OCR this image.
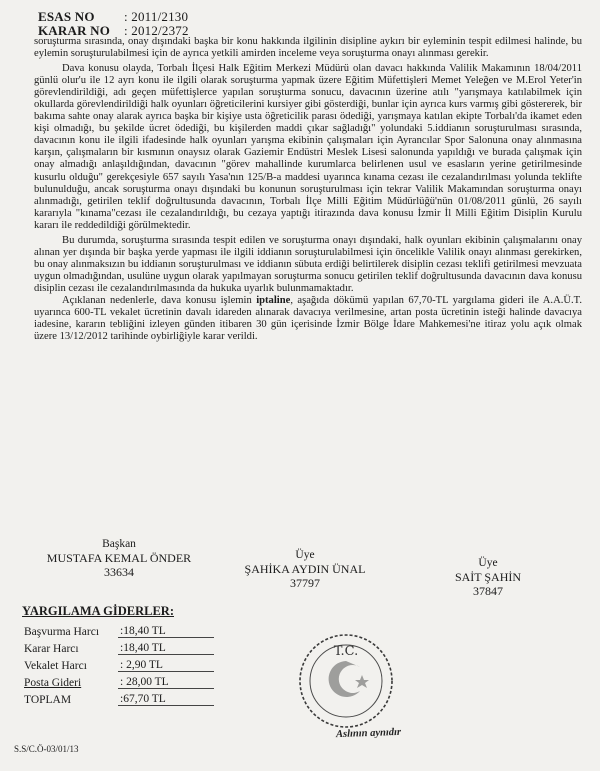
ESAS NO : 2011/2130
KARAR NO : 2012/2372

soruşturma sırasında, onay dışındaki başka bir konu hakkında ilgilinin disipline aykırı bir eyleminin tespit edilmesi halinde, bu eylemin soruşturulabilmesi için de ayrıca yetkili amirden inceleme veya soruşturma onayı alınması gerekir.

Dava konusu olayda, Torbalı İlçesi Halk Eğitim Merkezi Müdürü olan davacı hakkında Valilik Makamının 18/04/2011 günlü olur'u ile 12 ayrı konu ile ilgili olarak soruşturma yapmak üzere Eğitim Müfettişleri Memet Yeleğen ve M.Erol Yeter'in görevlendirildiği, adı geçen müfettişlerce yapılan soruşturma sonucu, davacının üzerine atılı "yarışmaya katılabilmek için okullarda görevlendirildiği halk oyunları öğreticilerini kursiyer gibi gösterdiği, bunlar için ayrıca kurs varmış gibi göstererek, bir bakıma sahte onay alarak ayrıca başka bir kişiye usta öğreticilik parası ödediği, yarışmaya katılan ekipte Torbalı'da ikamet eden kişi olmadığı, bu şekilde ücret ödediği, bu kişilerden maddi çıkar sağladığı" yolundaki 5.iddianın soruşturulması sırasında, davacının konu ile ilgili ifadesinde halk oyunları yarışma ekibinin çalışmaları için Ayrancılar Spor Salonuna onay alınmasına karşın, çalışmaların bir kısmının onaysız olarak Gaziemir Endüstri Meslek Lisesi salonunda yapıldığı ve burada çalışmak için onay almadığı anlaşıldığından, davacının "görev mahallinde kurumlarca belirlenen usul ve esasların yerine getirilmesinde kusurlu olduğu" gerekçesiyle 657 sayılı Yasa'nın 125/B-a maddesi uyarınca kınama cezası ile cezalandırılması yolunda teklifte bulunulduğu, ancak soruşturma onayı dışındaki bu konunun soruşturulması için tekrar Valilik Makamından soruşturma onayı alınmadığı, getirilen teklif doğrultusunda davacının, Torbalı İlçe Milli Eğitim Müdürlüğü'nün 01/08/2011 günlü, 26 sayılı kararıyla "kınama"cezası ile cezalandırıldığı, bu cezaya yaptığı itirazında dava konusu İzmir İl Milli Eğitim Disiplin Kurulu kararı ile reddedildiği görülmektedir.

Bu durumda, soruşturma sırasında tespit edilen ve soruşturma onayı dışındaki, halk oyunları ekibinin çalışmalarını onay alınan yer dışında bir başka yerde yapması ile ilgili iddianın soruşturulabilmesi için öncelikle Valilik onayı alınması gerekirken, bu onay alınmaksızın bu iddianın soruşturulması ve iddianın sübuta erdiği belirtilerek disiplin cezası teklifi getirilmesi mevzuata uygun olmadığından, usulüne uygun olarak yapılmayan soruşturma sonucu getirilen teklif doğrultusunda davacının dava konusu disiplin cezası ile cezalandırılmasında da hukuka uyarlık bulunmamaktadır.

Açıklanan nedenlerle, dava konusu işlemin iptaline, aşağıda dökümü yapılan 67,70-TL yargılama gideri ile A.A.Ü.T. uyarınca 600-TL vekalet ücretinin davalı idareden alınarak davacıya verilmesine, artan posta ücretinin isteği halinde davacıya iadesine, kararın tebliğini izleyen günden itibaren 30 gün içerisinde İzmir Bölge İdare Mahkemesi'ne itiraz yolu açık olmak üzere 13/12/2012 tarihinde oybirliğiyle karar verildi.

Başkan
MUSTAFA KEMAL ÖNDER
33634
Üye
ŞAHİKA AYDIN ÜNAL
37797
Üye
SAİT ŞAHİN
37847
YARGILAMA GİDERLER:
Başvurma Harcı	:18,40 TL
Karar Harcı	:18,40 TL
Vekalet Harcı	: 2,90 TL
Posta Gideri	: 28,00 TL
TOPLAM	:67,70 TL
T.C.
Aslının aynıdır
S.S/C.Ö-03/01/13
